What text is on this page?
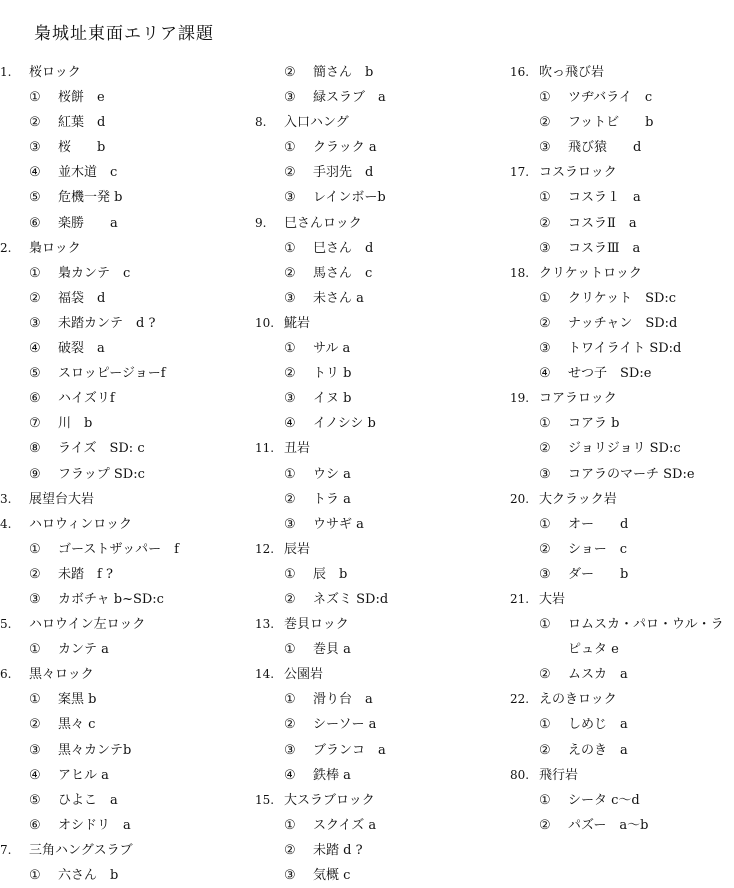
梟城址東面エリア課題
1. 桜ロック
① 桜餅　e
② 紅葉　d
③ 桜　　b
④ 並木道　c
⑤ 危機一発 b
⑥ 楽勝　　a
2. 梟ロック
① 梟カンテ　c
② 福袋　d
③ 未踏カンテ　d ?
④ 破裂　a
⑤ スロッピージョーf
⑥ ハイズリf
⑦ 川　b
⑧ ライズ　SD: c
⑨ フラップ SD:c
3. 展望台大岩
4. ハロウィンロック
① ゴーストザッパー　f
② 未踏　f ?
③ カボチャ b~SD:c
5. ハロウイン左ロック
① カンテ a
6. 黒々ロック
① 案黒 b
② 黒々 c
③ 黒々カンテb
④ アヒル a
⑤ ひよこ　a
⑥ オシドリ　a
7. 三角ハングスラブ
① 六さん　b
② 簡さん　b
③ 緑スラブ　a
8. 入口ハング
① クラック a
② 手羽先　d
③ レインボーb
9. 巳さんロック
① 巳さん　d
② 馬さん　c
③ 未さん a
10. 𩸽岩
① サル a
② トリ b
③ イヌ b
④ イノシシ b
11. 丑岩
① ウシ a
② トラ a
③ ウサギ a
12. 辰岩
① 辰　b
② ネズミ SD:d
13. 巻貝ロック
① 巻貝 a
14. 公園岩
① 滑り台　a
② シーソー a
③ ブランコ　a
④ 鉄棒 a
15. 大スラブロック
① スクイズ a
② 未踏 d ?
③ 気概 c
16. 吹っ飛び岩
① ツヂバライ　c
② フットビ　　b
③ 飛び猿　　d
17. コスラロック
① コスラ１　a
② コスラⅡ　a
③ コスラⅢ　a
18. クリケットロック
① クリケット　SD:c
② ナッチャン　SD:d
③ トワイライト SD:d
④ せつ子　SD:e
19. コアラロック
① コアラ b
② ジョリジョリ SD:c
③ コアラのマーチ SD:e
20. 大クラック岩
① オー　　d
② ショー　c
③ ダー　　b
21. 大岩
① ロムスカ・パロ・ウル・ラ
ピュタ e
② ムスカ　a
22. えのきロック
① しめじ　a
② えのき　a
80. 飛行岩
① シータ c～d
② パズー　a～b
